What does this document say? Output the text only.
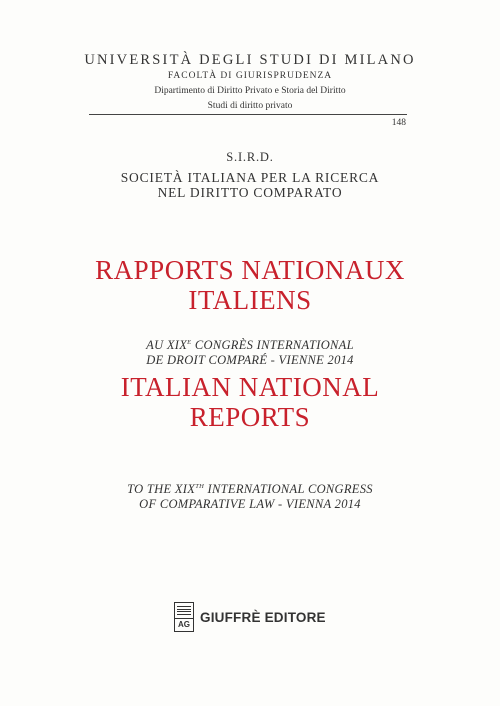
UNIVERSITÀ DEGLI STUDI DI MILANO
FACOLTÀ DI GIURISPRUDENZA
Dipartimento di Diritto Privato e Storia del Diritto
Studi di diritto privato
148
S.I.R.D.
SOCIETÀ ITALIANA PER LA RICERCA
NEL DIRITTO COMPARATO
RAPPORTS NATIONAUX
ITALIENS
AU $XIX^E$ CONGRÈS INTERNATIONAL
DE DROIT COMPARÉ - VIENNE 2014
ITALIAN NATIONAL
REPORTS
TO THE XIXTH INTERNATIONAL CONGRESS
OF COMPARATIVE LAW - VIENNA 2014
AG GIUFFRÈ EDITORE
